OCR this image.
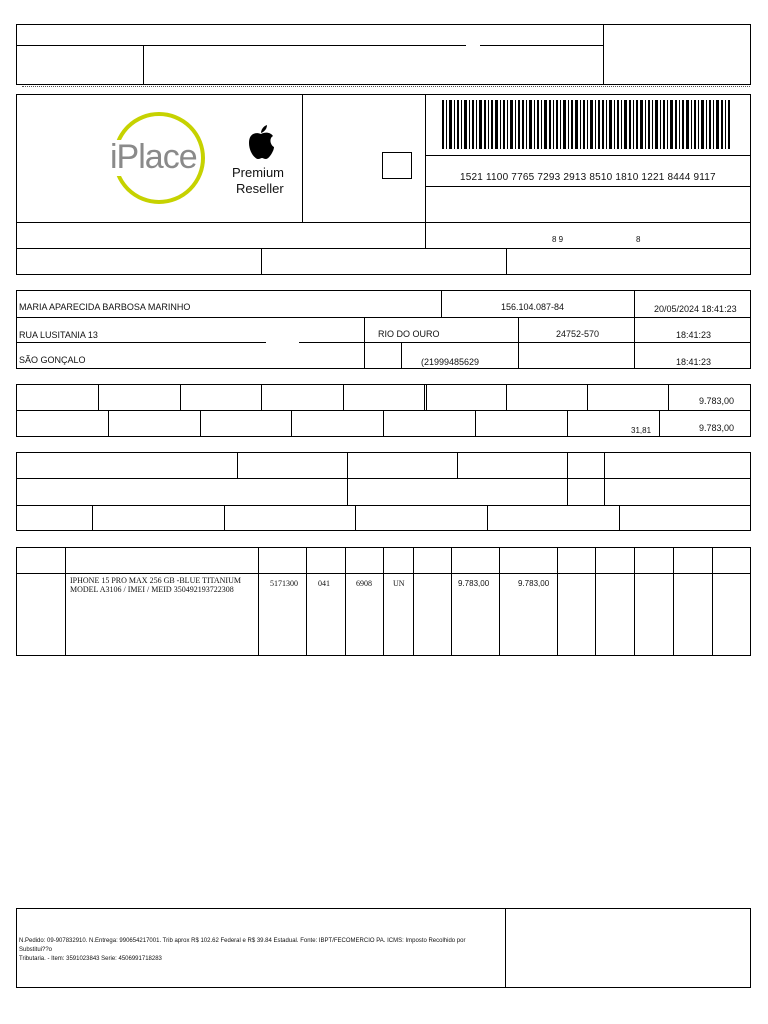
iPlace	Premium
Reseller
1521 1100 7765 7293 2913 8510 1810 1221 8444 9117
8 9	8
MARIA APARECIDA BARBOSA MARINHO	156.104.087-84	20/05/2024 18:41:23
RUA LUSITANIA 13	RIO DO OURO	24752-570	18:41:23
SÃO GONÇALO	(21999485629	18:41:23
9.783,00
31,81	9.783,00
IPHONE 15 PRO MAX 256 GB -BLUE TITANIUM
MODEL A3106 / IMEI / MEID 350492193722308
5171300	041	6908	UN	9.783,00	9.783,00
N.Pedido: 09-907832910. N.Entrega: 990654217001. Trib aprox R$ 102.62 Federal e R$ 39.84 Estadual. Fonte: IBPT/FECOMERCIO PA. ICMS: Imposto Recolhido por
Substitui??o
Tributaria. - Item: 3591023843 Serie: 4506991718283
